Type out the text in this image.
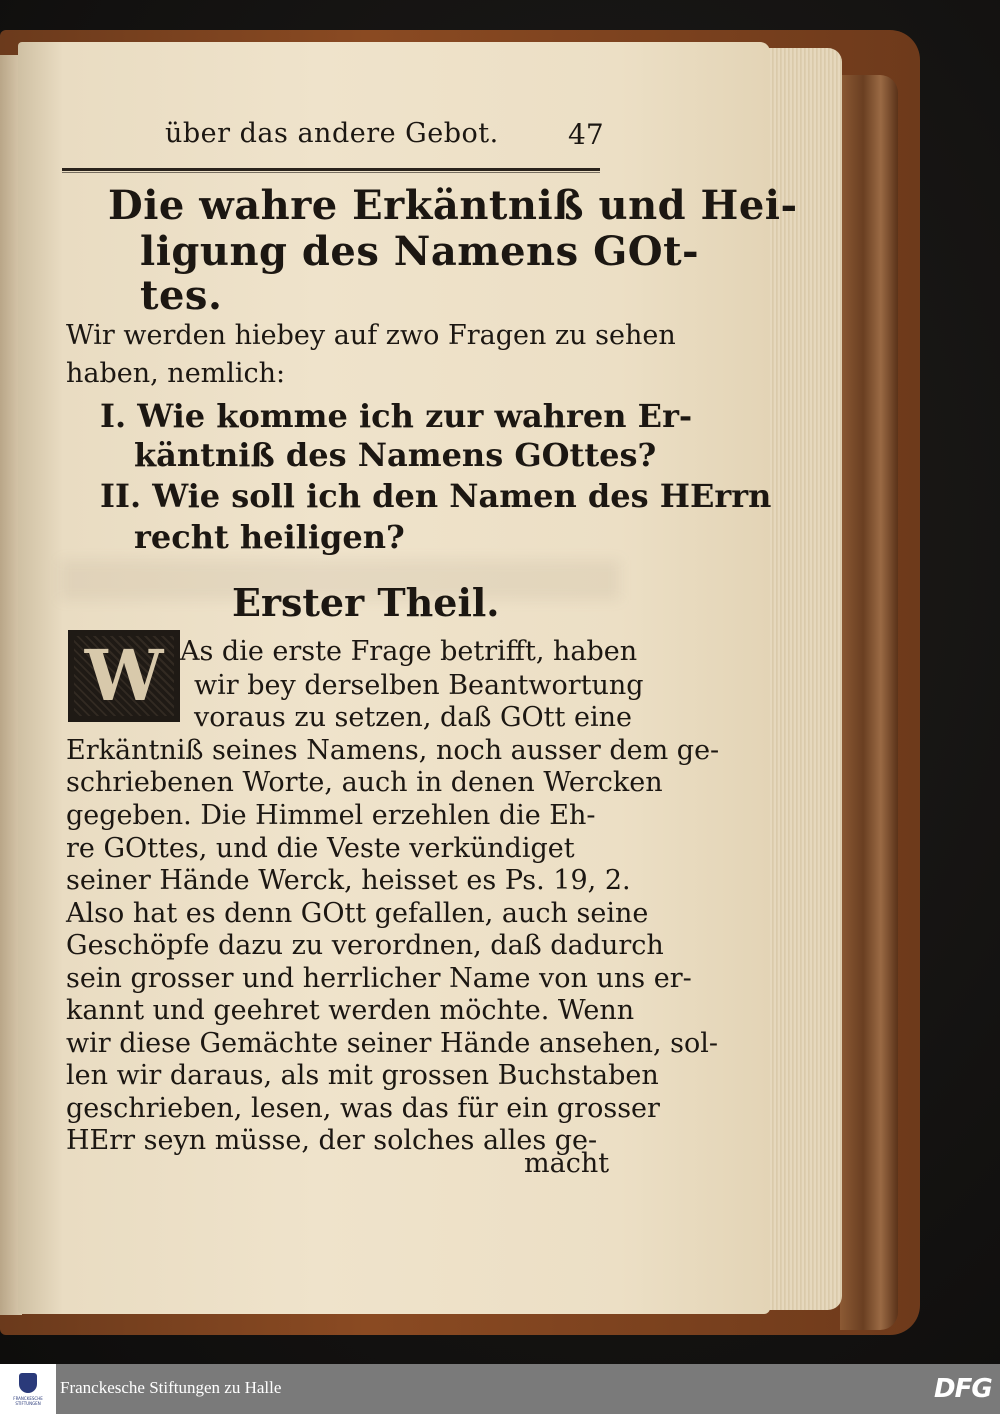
über das andere Gebot. 47
Die wahre Erkäntniß und Hei-
ligung des Namens GOt-
tes.
Wir werden hiebey auf zwo Fragen zu sehen
haben, nemlich:
I. Wie komme ich zur wahren Er-
käntniß des Namens GOttes?
II. Wie soll ich den Namen des HErrn
recht heiligen?
Erster Theil.
W As die erste Frage betrifft, haben
wir bey derselben Beantwortung
voraus zu setzen, daß GOtt eine
Erkäntniß seines Namens, noch ausser dem ge-
schriebenen Worte, auch in denen Wercken
gegeben. Die Himmel erzehlen die Eh-
re GOttes, und die Veste verkündiget
seiner Hände Werck, heisset es Ps. 19, 2.
Also hat es denn GOtt gefallen, auch seine
Geschöpfe dazu zu verordnen, daß dadurch
sein grosser und herrlicher Name von uns er-
kannt und geehret werden möchte. Wenn
wir diese Gemächte seiner Hände ansehen, sol-
len wir daraus, als mit grossen Buchstaben
geschrieben, lesen, was das für ein grosser
HErr seyn müsse, der solches alles ge-
macht
FRANCKESCHE
STIFTUNGEN
Franckesche Stiftungen zu Halle	DFG
